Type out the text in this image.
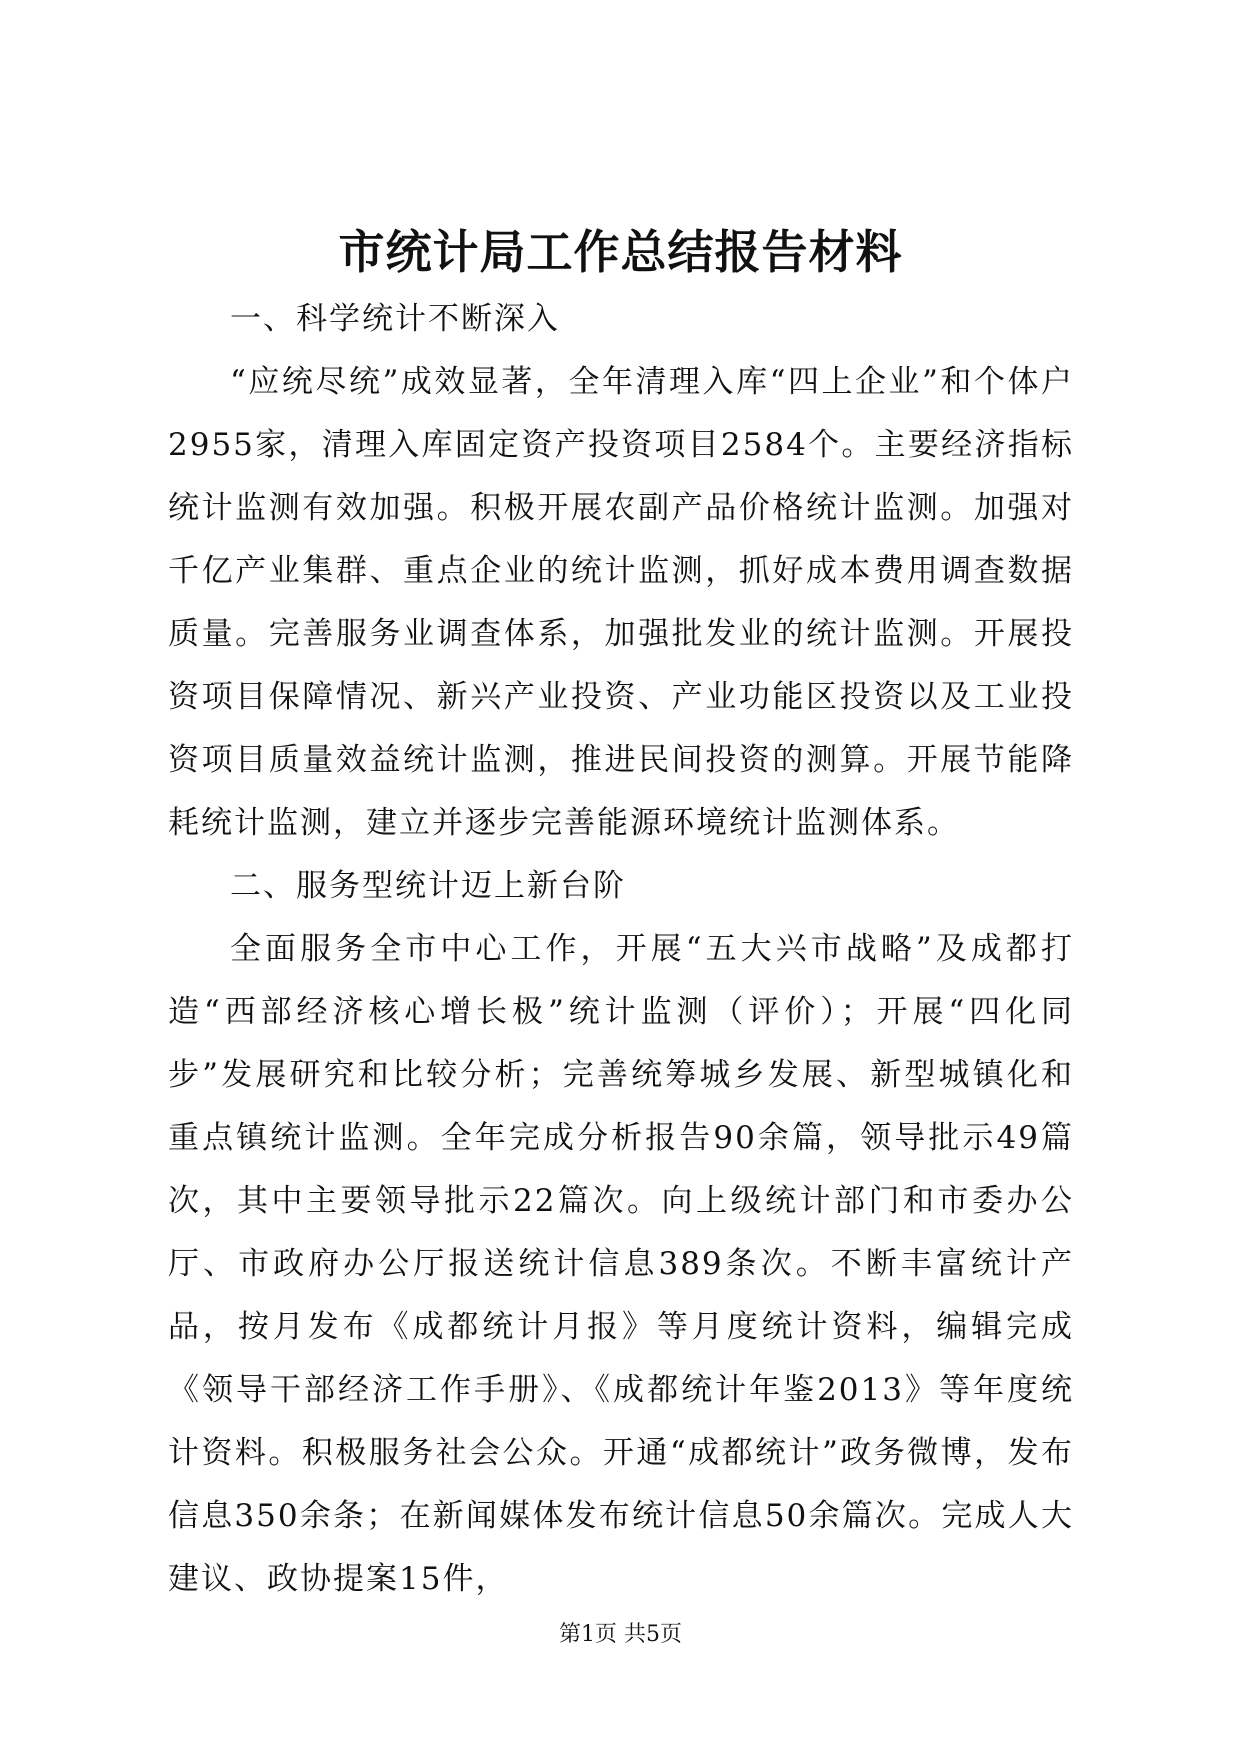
市统计局工作总结报告材料

一、科学统计不断深入

“应统尽统”成效显著，全年清理入库“四上企业”和个体户2955家，清理入库固定资产投资项目2584个。主要经济指标统计监测有效加强。积极开展农副产品价格统计监测。加强对千亿产业集群、重点企业的统计监测，抓好成本费用调查数据质量。完善服务业调查体系，加强批发业的统计监测。开展投资项目保障情况、新兴产业投资、产业功能区投资以及工业投资项目质量效益统计监测，推进民间投资的测算。开展节能降耗统计监测，建立并逐步完善能源环境统计监测体系。

二、服务型统计迈上新台阶

全面服务全市中心工作，开展“五大兴市战略”及成都打造“西部经济核心增长极”统计监测（评价）；开展“四化同步”发展研究和比较分析；完善统筹城乡发展、新型城镇化和重点镇统计监测。全年完成分析报告90余篇，领导批示49篇次，其中主要领导批示22篇次。向上级统计部门和市委办公厅、市政府办公厅报送统计信息389条次。不断丰富统计产品，按月发布《成都统计月报》等月度统计资料，编辑完成《领导干部经济工作手册》、《成都统计年鉴2013》等年度统计资料。积极服务社会公众。开通“成都统计”政务微博，发布信息350余条；在新闻媒体发布统计信息50余篇次。完成人大建议、政协提案15件，

第1页 共5页
